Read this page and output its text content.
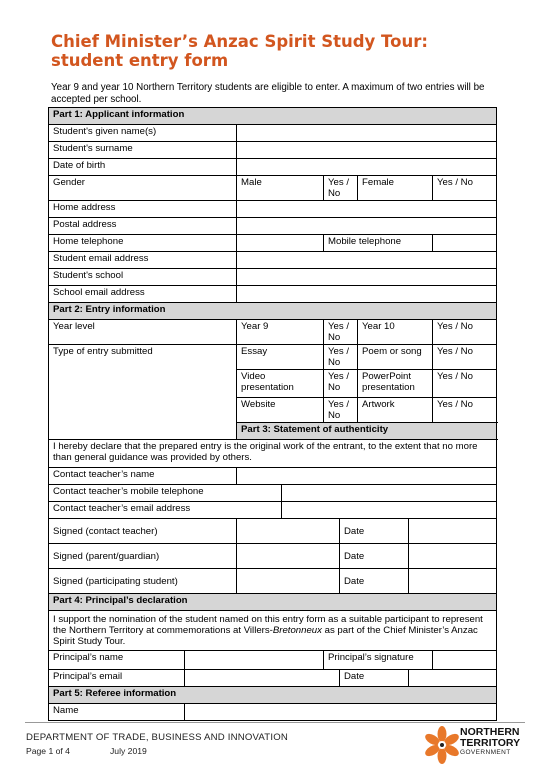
Chief Minister’s Anzac Spirit Study Tour:
student entry form
Year 9 and year 10 Northern Territory students are eligible to enter. A maximum of two entries will be accepted per school.
Part 1: Applicant information								
Student's given name(s)								
Student's surname								
Date of birth								
Gender		Male		Yes / No		Female		Yes / No
Home address								
Postal address								
Home telephone				Mobile telephone				
Student email address								
Student's school								
School email address								
Part 2: Entry information								
Year level		Year 9		Yes / No		Year 10		Yes / No
Type of entry submitted		Essay		Yes / No		Poem or song		Yes / No
		Video presentation		Yes / No		PowerPoint presentation		Yes / No
		Website		Yes / No		Artwork		Yes / No
		Part 3: Statement of authenticity						
I hereby declare that the prepared entry is the original work of the entrant, to the extent that no more than general guidance was provided by others.								
Contact teacher’s name								
Contact teacher’s mobile telephone								
Contact teacher’s email address								
Signed (contact teacher)					Date			
Signed (parent/guardian)					Date			
Signed (participating student)					Date			
Part 4: Principal’s declaration								
I support the nomination of the student named on this entry form as a suitable participant to represent the Northern Territory at commemorations at Villers-Bretonneux as part of the Chief Minister’s Anzac Spirit Study Tour.								
Principal’s name				Principal’s signature				
Principal’s email					Date			
Part 5: Referee information								
Name								
DEPARTMENT OF TRADE, BUSINESS AND INNOVATION
Page 1 of 4	July 2019
NORTHERN
TERRITORY
GOVERNMENT
